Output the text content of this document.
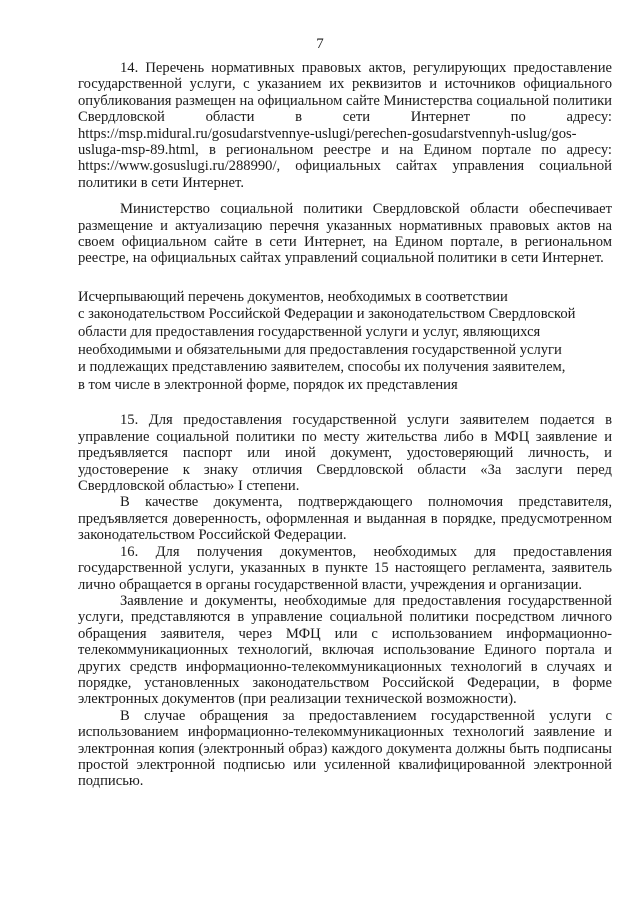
7

14. Перечень нормативных правовых актов, регулирующих предоставление государственной услуги, с указанием их реквизитов и источников официального опубликования размещен на официальном сайте Министерства социальной политики Свердловской области в сети Интернет по адресу: https://msp.midural.ru/gosudarstvennye-uslugi/perechen-gosudarstvennyh-uslug/gos-usluga-msp-89.html, в региональном реестре и на Едином портале по адресу: https://www.gosuslugi.ru/288990/, официальных сайтах управления социальной политики в сети Интернет.

Министерство социальной политики Свердловской области обеспечивает размещение и актуализацию перечня указанных нормативных правовых актов на своем официальном сайте в сети Интернет, на Едином портале, в региональном реестре, на официальных сайтах управлений социальной политики в сети Интернет.

Исчерпывающий перечень документов, необходимых в соответствии
с законодательством Российской Федерации и законодательством Свердловской
области для предоставления государственной услуги и услуг, являющихся
необходимыми и обязательными для предоставления государственной услуги
и подлежащих представлению заявителем, способы их получения заявителем,
в том числе в электронной форме, порядок их представления

15. Для предоставления государственной услуги заявителем подается в управление социальной политики по месту жительства либо в МФЦ заявление и предъявляется паспорт или иной документ, удостоверяющий личность, и удостоверение к знаку отличия Свердловской области «За заслуги перед Свердловской областью» I степени.

В качестве документа, подтверждающего полномочия представителя, предъявляется доверенность, оформленная и выданная в порядке, предусмотренном законодательством Российской Федерации.

16. Для получения документов, необходимых для предоставления государственной услуги, указанных в пункте 15 настоящего регламента, заявитель лично обращается в органы государственной власти, учреждения и организации.

Заявление и документы, необходимые для предоставления государственной услуги, представляются в управление социальной политики посредством личного обращения заявителя, через МФЦ или с использованием информационно-телекоммуникационных технологий, включая использование Единого портала и других средств информационно-телекоммуникационных технологий в случаях и порядке, установленных законодательством Российской Федерации, в форме электронных документов (при реализации технической возможности).

В случае обращения за предоставлением государственной услуги с использованием информационно-телекоммуникационных технологий заявление и электронная копия (электронный образ) каждого документа должны быть подписаны простой электронной подписью или усиленной квалифицированной электронной подписью.
